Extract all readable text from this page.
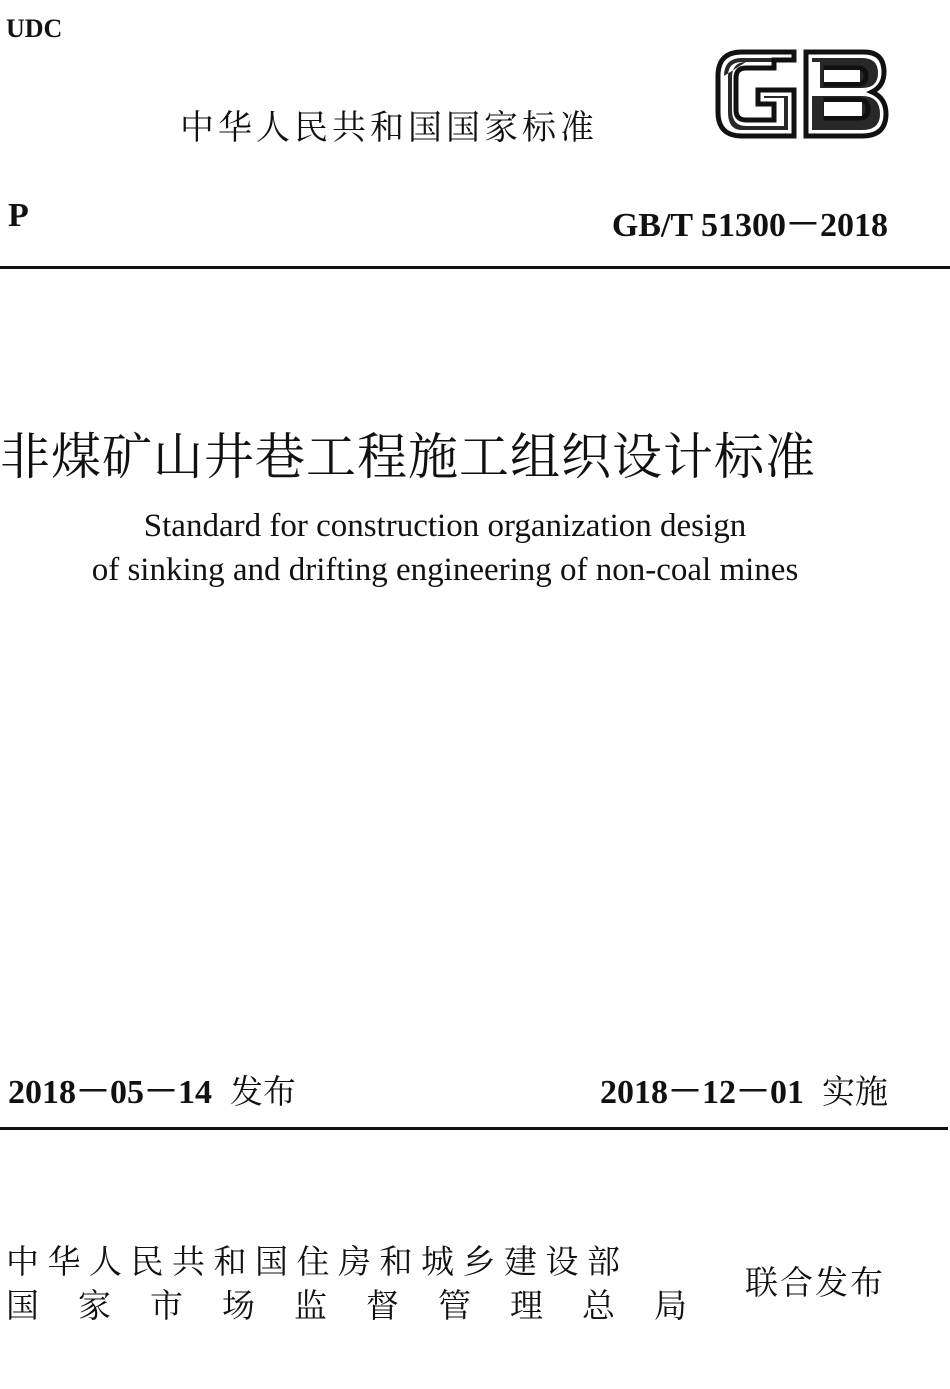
UDC
中华人民共和国国家标准
P	GB/T 51300－2018
非煤矿山井巷工程施工组织设计标准
Standard for construction organization design
of sinking and drifting engineering of non-coal mines
2018－05－14 发布	2018－12－01 实施
中华人民共和国住房和城乡建设部
国家市场监督管理总局
联合发布
